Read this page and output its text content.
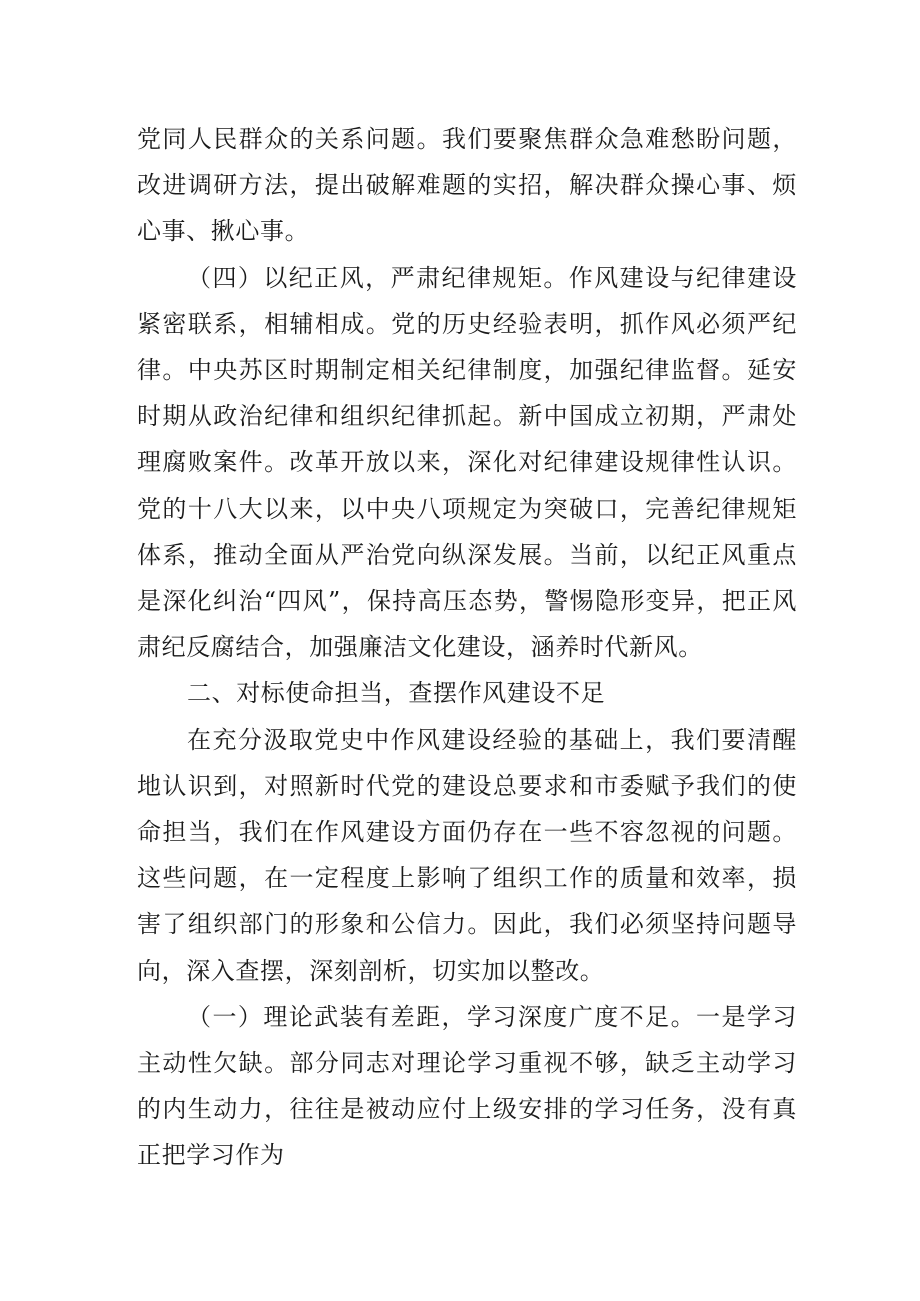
党同人民群众的关系问题。我们要聚焦群众急难愁盼问题，改进调研方法，提出破解难题的实招，解决群众操心事、烦心事、揪心事。

（四）以纪正风，严肃纪律规矩。作风建设与纪律建设紧密联系，相辅相成。党的历史经验表明，抓作风必须严纪律。中央苏区时期制定相关纪律制度，加强纪律监督。延安时期从政治纪律和组织纪律抓起。新中国成立初期，严肃处理腐败案件。改革开放以来，深化对纪律建设规律性认识。党的十八大以来，以中央八项规定为突破口，完善纪律规矩体系，推动全面从严治党向纵深发展。当前，以纪正风重点是深化纠治“四风”，保持高压态势，警惕隐形变异，把正风肃纪反腐结合，加强廉洁文化建设，涵养时代新风。

二、对标使命担当，查摆作风建设不足

在充分汲取党史中作风建设经验的基础上，我们要清醒地认识到，对照新时代党的建设总要求和市委赋予我们的使命担当，我们在作风建设方面仍存在一些不容忽视的问题。这些问题，在一定程度上影响了组织工作的质量和效率，损害了组织部门的形象和公信力。因此，我们必须坚持问题导向，深入查摆，深刻剖析，切实加以整改。

（一）理论武装有差距，学习深度广度不足。一是学习主动性欠缺。部分同志对理论学习重视不够，缺乏主动学习的内生动力，往往是被动应付上级安排的学习任务，没有真正把学习作为
